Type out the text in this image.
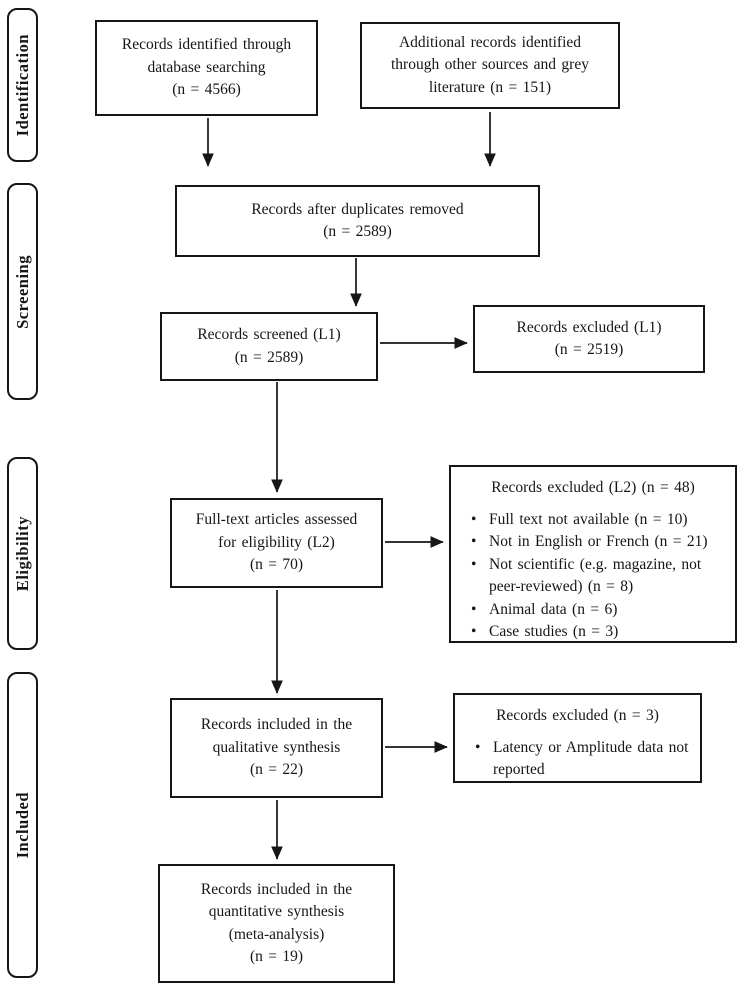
Identification
Screening
Eligibility
Included
Records identified through
database searching
(n = 4566)
Additional records identified
through other sources and grey
literature (n = 151)
Records after duplicates removed
(n = 2589)
Records screened (L1)
(n = 2589)
Records excluded (L1)
(n = 2519)
Full-text articles assessed
for eligibility (L2)
(n = 70)
Records excluded (L2) (n = 48)
• Full text not available (n = 10)
• Not in English or French (n = 21)
• Not scientific (e.g. magazine, not peer-reviewed) (n = 8)
• Animal data (n = 6)
• Case studies (n = 3)
Records included in the
qualitative synthesis
(n = 22)
Records excluded (n = 3)
• Latency or Amplitude data not reported
Records included in the
quantitative synthesis
(meta-analysis)
(n = 19)
